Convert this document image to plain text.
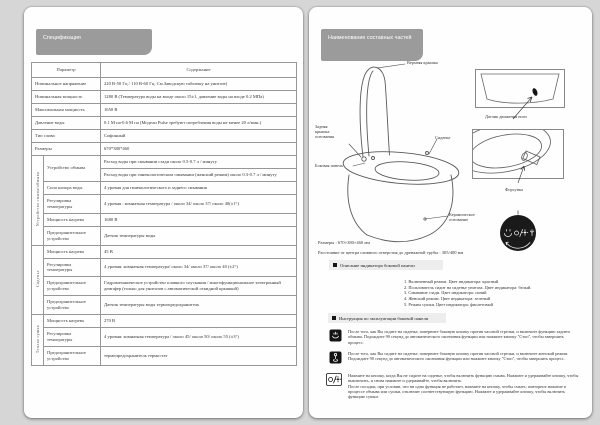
Спецификация
Параметр		Содержание
Номинальное напряжение		220 В-50 Гц / 110 В-60 Гц. См.Заводскую табличку на унитазе)
Номинальная мощность		1280 В (Температура воды на входе около 15±1, давление воды на входе 0.2 МПа)
Максимальная мощность		1650 В
Давление воды		0.1 М па-0.6 М па (Модели Pulse требуют потребления воды не менее 20 л/мин.)
Тип слива		Сифонный
Размеры		670*380*460
Устройство смыва/обмыва	Устройство обмыва	Расход воды при смывании сзади около 0.5-0.7 л / минуту
		Расход воды при гинекологическом смывании (женский режим) около 0.3-0.7 л / минуту
	Сила напора воды	4 уровня для гинекологического и заднего смывания
	Регулировка температуры	4 уровня : комнатная температура / около 34/ около 37/ около 40(±1°)
	Мощность нагрева	1680 В
	Предохранительное устройство	Датчик температуры воды
Сиденье	Мощность нагрева	45 В
	Регулировка температуры	4 уровня: комнатная температура/ около 34/ около 37/ около 40 (±2°)
	Предохранительное устройство	Гидромеханическое устройство плавного спускания / многофункциональное электронный демпфер (только для унитазов с автоматической откидной крышкой)
	Предохранительное устройство	Датчик температуры воды термопредохранитель
Теплая сушка	Мощность нагрева	270 В
	Регулировка температуры	4 уровня: комнатная температура / около 45/ около 50/ около 55 (±3°)
	Предохранительное устройство	термопредохранитель термостат
Наименование составных частей
Верхняя крышка
Задняя крышка основания
Боковая панель
Сиденье
Керамическое основание
Датчик движения ноги
Форсунка
Размеры : 670×380×460 мм
Расстояние от центра сливного отверстия до дренажной трубы : 305/400 мм
Описание индикатора боковой панели
1. Включенный режим. Цвет индикатора: красный
2. Пользователь сидит на сиденье унитаза. Цвет индикатора: белый.
3. Смывание сзади. Цвет индикатора: синий
4. Женский режим. Цвет индикатора: зеленый
5. Режим сушки. Цвет индикатора: фиолетовый
Инструкция по эксплуатации боковой панели
После того, как Вы сидите на сиденье, поверните боковую кнопку против часовой стрелки, и включите функцию заднего обмыва. Подождите 90 секунд до автоматического окончания функции или нажмите кнопку "Стоп", чтобы завершить процесс.
После того, как Вы сидите на сиденье, поверните боковую кнопку против часовой стрелки, и включите женский режим. Подождите 90 секунд до автоматического окончания функции или нажмите кнопку "Стоп", чтобы завершить процесс.
Нажмите на кнопку, когда Вы не сидите на сиденье, чтобы включить функцию смыва. Нажмите и удерживайте кнопку, чтобы выключить, и снова нажмите и удерживайте, чтобы включить.
После посадки, при условии, что ни одна функция не работает, нажмите на кнопку, чтобы смыть; повторное нажатие в процессе обмыва или сушки, отключит соответствующую функцию. Нажмите и удерживайте кнопку, чтобы включить функцию сушки.
